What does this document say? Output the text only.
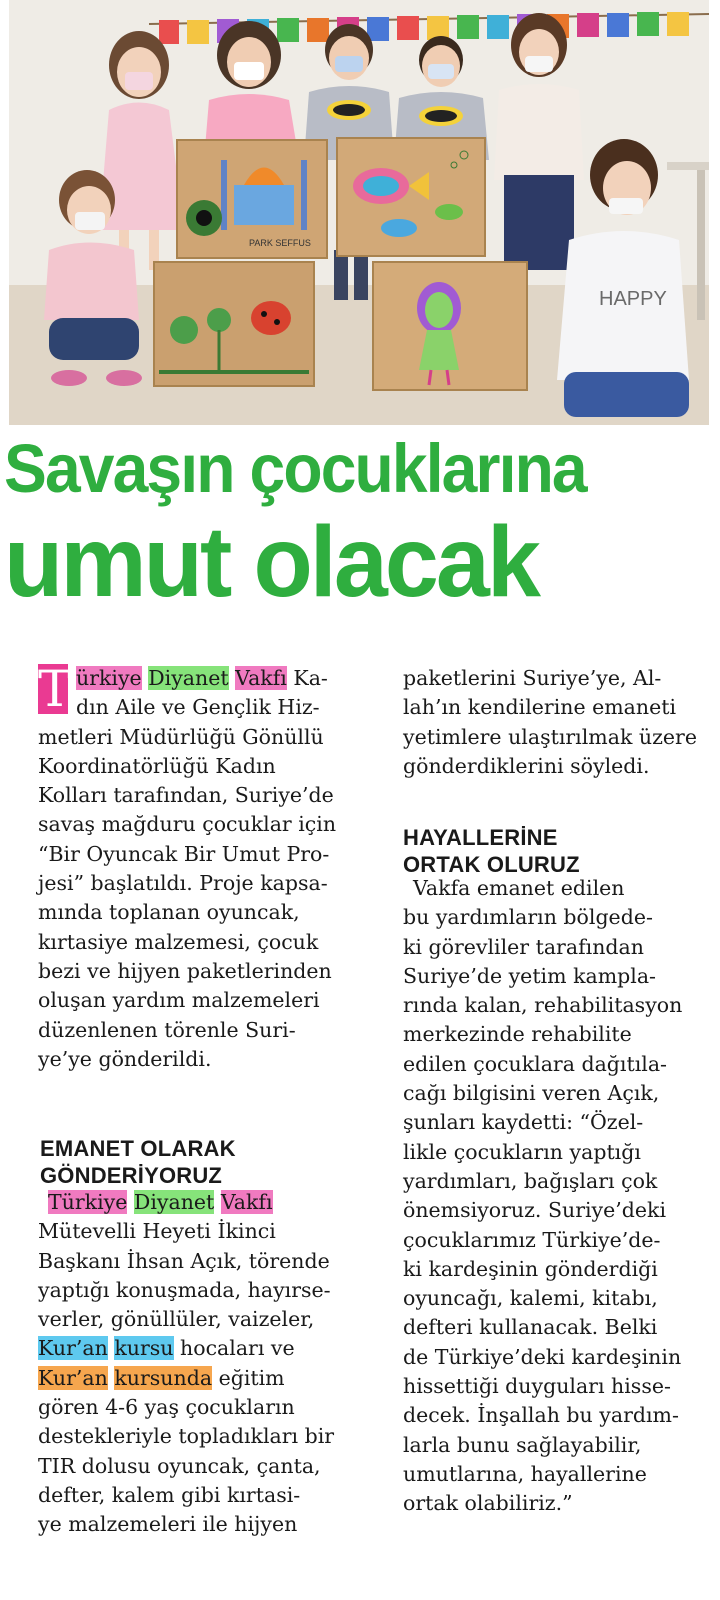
PARK SEFFUS
HAPPY
Savaşın çocuklarına
umut olacak
T ürkiye Diyanet Vakfı Ka-
dın Aile ve Gençlik Hiz-
metleri Müdürlüğü Gönüllü
Koordinatörlüğü Kadın
Kolları tarafından, Suriye’de
savaş mağduru çocuklar için
“Bir Oyuncak Bir Umut Pro-
jesi” başlatıldı. Proje kapsa-
mında toplanan oyuncak,
kırtasiye malzemesi, çocuk
bezi ve hijyen paketlerinden
oluşan yardım malzemeleri
düzenlenen törenle Suri-
ye’ye gönderildi.
Türkiye Diyanet Vakfı
Mütevelli Heyeti İkinci
Başkanı İhsan Açık, törende
yaptığı konuşmada, hayırse-
verler, gönüllüler, vaizeler,
Kur’an kursu hocaları ve
Kur’an kursunda eğitim
gören 4-6 yaş çocukların
destekleriyle topladıkları bir
TIR dolusu oyuncak, çanta,
defter, kalem gibi kırtasi-
ye malzemeleri ile hijyen
EMANET OLARAK
GÖNDERİYORUZ
paketlerini Suriye’ye, Al-
lah’ın kendilerine emaneti
yetimlere ulaştırılmak üzere
gönderdiklerini söyledi.
Vakfa emanet edilen
bu yardımların bölgede-
ki görevliler tarafından
Suriye’de yetim kampla-
rında kalan, rehabilitasyon
merkezinde rehabilite
edilen çocuklara dağıtıla-
cağı bilgisini veren Açık,
şunları kaydetti: “Özel-
likle çocukların yaptığı
yardımları, bağışları çok
önemsiyoruz. Suriye’deki
çocuklarımız Türkiye’de-
ki kardeşinin gönderdiği
oyuncağı, kalemi, kitabı,
defteri kullanacak. Belki
de Türkiye’deki kardeşinin
hissettiği duyguları hisse-
decek. İnşallah bu yardım-
larla bunu sağlayabilir,
umutlarına, hayallerine
ortak olabiliriz.”
HAYALLERİNE
ORTAK OLURUZ
